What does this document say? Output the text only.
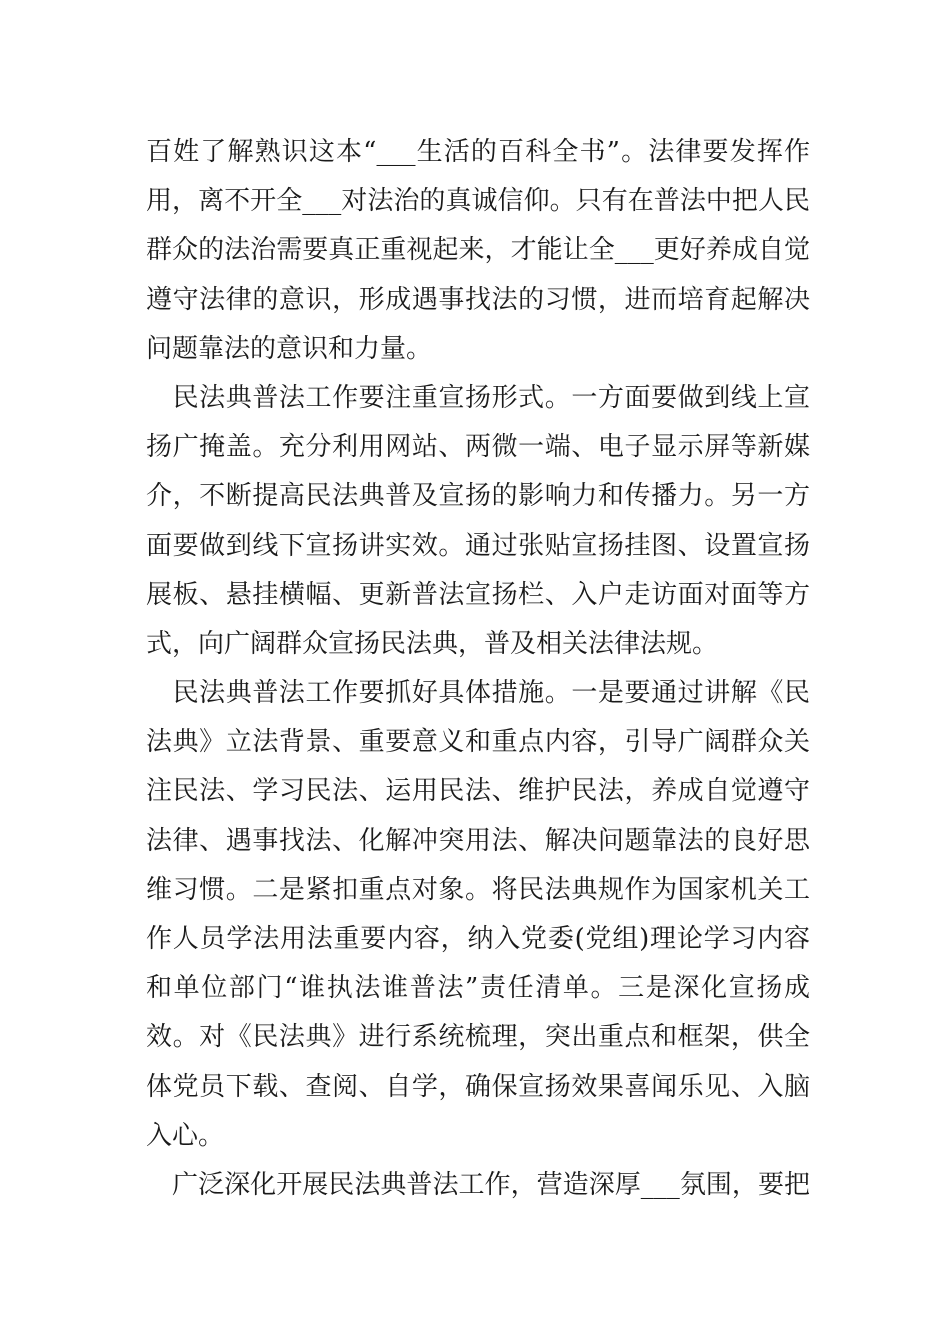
百姓了解熟识这本“___生活的百科全书”。法律要发挥作
用，离不开全___对法治的真诚信仰。只有在普法中把人民
群众的法治需要真正重视起来，才能让全___更好养成自觉
遵守法律的意识，形成遇事找法的习惯，进而培育起解决
问题靠法的意识和力量。
　民法典普法工作要注重宣扬形式。一方面要做到线上宣
扬广掩盖。充分利用网站、两微一端、电子显示屏等新媒
介，不断提高民法典普及宣扬的影响力和传播力。另一方
面要做到线下宣扬讲实效。通过张贴宣扬挂图、设置宣扬
展板、悬挂横幅、更新普法宣扬栏、入户走访面对面等方
式，向广阔群众宣扬民法典，普及相关法律法规。
　民法典普法工作要抓好具体措施。一是要通过讲解《民
法典》立法背景、重要意义和重点内容，引导广阔群众关
注民法、学习民法、运用民法、维护民法，养成自觉遵守
法律、遇事找法、化解冲突用法、解决问题靠法的良好思
维习惯。二是紧扣重点对象。将民法典规作为国家机关工
作人员学法用法重要内容，纳入党委(党组)理论学习内容
和单位部门“谁执法谁普法”责任清单。三是深化宣扬成
效。对《民法典》进行系统梳理，突出重点和框架，供全
体党员下载、查阅、自学，确保宣扬效果喜闻乐见、入脑
入心。
　广泛深化开展民法典普法工作，营造深厚___氛围，要把
